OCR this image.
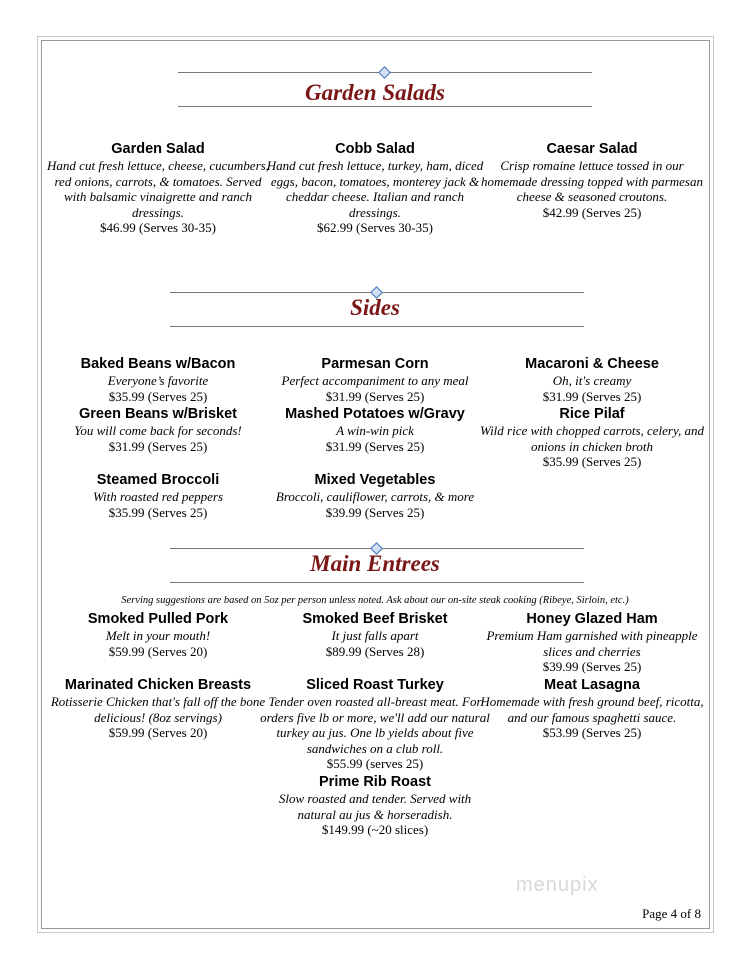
Garden Salads
Garden Salad
Hand cut fresh lettuce, cheese, cucumbers, red onions, carrots, & tomatoes. Served with balsamic vinaigrette and ranch dressings.
$46.99 (Serves 30-35)
Cobb Salad
Hand cut fresh lettuce, turkey, ham, diced eggs, bacon, tomatoes, monterey jack & cheddar cheese. Italian and ranch dressings.
$62.99 (Serves 30-35)
Caesar Salad
Crisp romaine lettuce tossed in our homemade dressing topped with parmesan cheese & seasoned croutons.
$42.99 (Serves 25)
Sides
Baked Beans w/Bacon
Everyone’s favorite
$35.99 (Serves 25)
Parmesan Corn
Perfect accompaniment to any meal
$31.99 (Serves 25)
Macaroni & Cheese
Oh, it's creamy
$31.99 (Serves 25)
Green Beans w/Brisket
You will come back for seconds!
$31.99 (Serves 25)
Mashed Potatoes w/Gravy
A win-win pick
$31.99 (Serves 25)
Rice Pilaf
Wild rice with chopped carrots, celery, and onions in chicken broth
$35.99 (Serves 25)
Steamed Broccoli
With roasted red peppers
$35.99 (Serves 25)
Mixed Vegetables
Broccoli, cauliflower, carrots, & more
$39.99 (Serves 25)
Main Entrees
Serving suggestions are based on 5oz per person unless noted. Ask about our on-site steak cooking (Ribeye, Sirloin, etc.)
Smoked Pulled Pork
Melt in your mouth!
$59.99 (Serves 20)
Smoked Beef Brisket
It just falls apart
$89.99 (Serves 28)
Honey Glazed Ham
Premium Ham garnished with pineapple slices and cherries
$39.99 (Serves 25)
Marinated Chicken Breasts
Rotisserie Chicken that's fall off the bone delicious! (8oz servings)
$59.99 (Serves 20)
Sliced Roast Turkey
Tender oven roasted all-breast meat. For orders five lb or more, we'll add our natural turkey au jus. One lb yields about five sandwiches on a club roll.
$55.99 (serves 25)
Meat Lasagna
Homemade with fresh ground beef, ricotta, and our famous spaghetti sauce.
$53.99 (Serves 25)
Prime Rib Roast
Slow roasted and tender. Served with natural au jus & horseradish.
$149.99 (~20 slices)
menupix
Page 4 of 8
